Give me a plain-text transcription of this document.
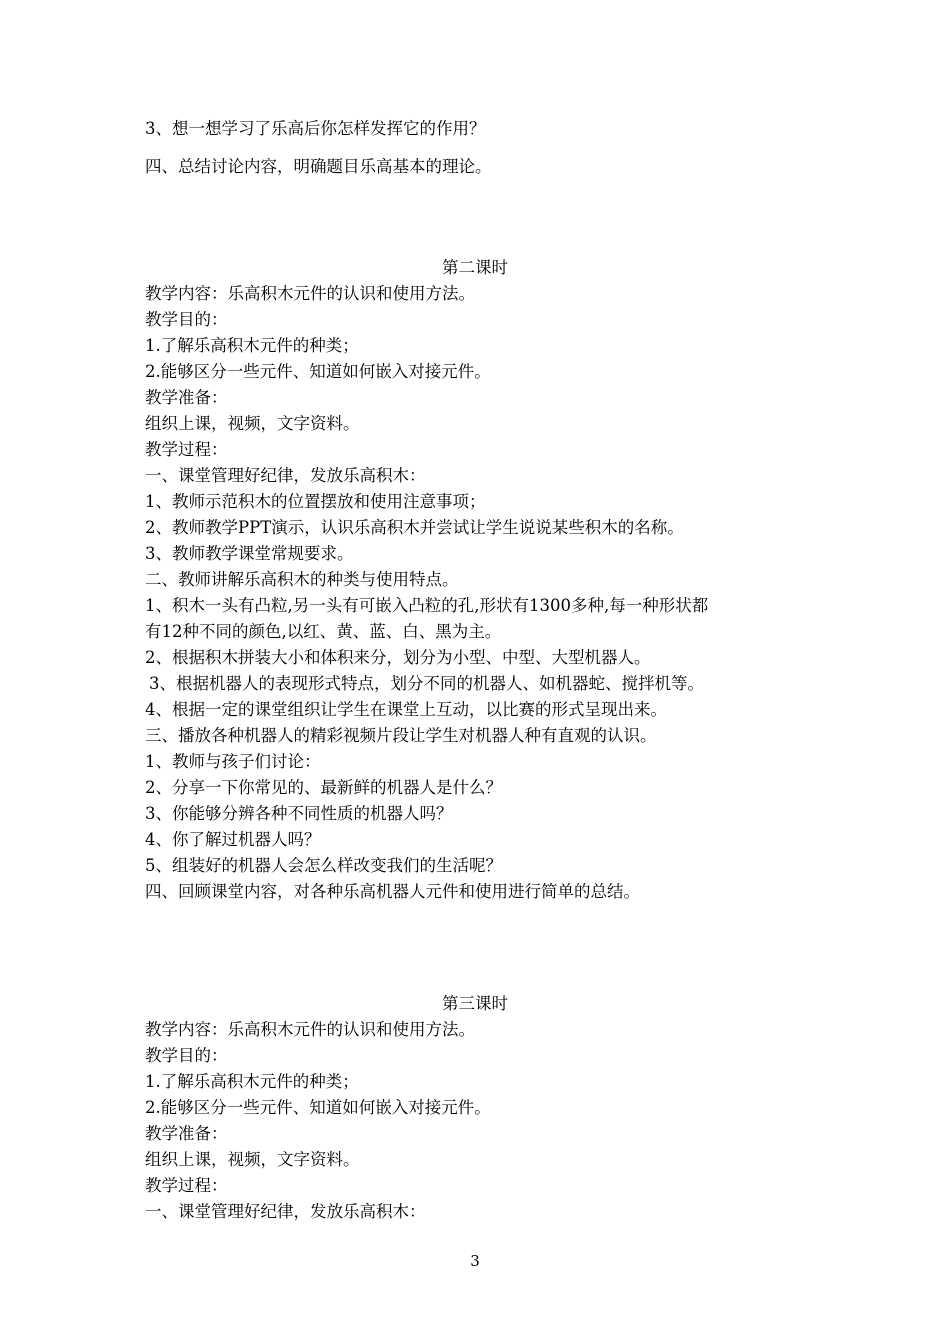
3、想一想学习了乐高后你怎样发挥它的作用？
四、总结讨论内容，明确题目乐高基本的理论。
第二课时
教学内容：乐高积木元件的认识和使用方法。
教学目的：
1.了解乐高积木元件的种类；
2.能够区分一些元件、知道如何嵌入对接元件。
教学准备：
组织上课，视频，文字资料。
教学过程：
一、课堂管理好纪律，发放乐高积木：
1、教师示范积木的位置摆放和使用注意事项；
2、教师教学PPT演示，认识乐高积木并尝试让学生说说某些积木的名称。
3、教师教学课堂常规要求。
二、教师讲解乐高积木的种类与使用特点。
1、积木一头有凸粒,另一头有可嵌入凸粒的孔,形状有1300多种,每一种形状都
有12种不同的颜色,以红、黄、蓝、白、黑为主。
2、根据积木拼装大小和体积来分，划分为小型、中型、大型机器人。
3、根据机器人的表现形式特点，划分不同的机器人、如机器蛇、搅拌机等。
4、根据一定的课堂组织让学生在课堂上互动，以比赛的形式呈现出来。
三、播放各种机器人的精彩视频片段让学生对机器人种有直观的认识。
1、教师与孩子们讨论：
2、分享一下你常见的、最新鲜的机器人是什么？
3、你能够分辨各种不同性质的机器人吗？
4、你了解过机器人吗？
5、组装好的机器人会怎么样改变我们的生活呢？
四、回顾课堂内容，对各种乐高机器人元件和使用进行简单的总结。
第三课时
教学内容：乐高积木元件的认识和使用方法。
教学目的：
1.了解乐高积木元件的种类；
2.能够区分一些元件、知道如何嵌入对接元件。
教学准备：
组织上课，视频，文字资料。
教学过程：
一、课堂管理好纪律，发放乐高积木：
3
